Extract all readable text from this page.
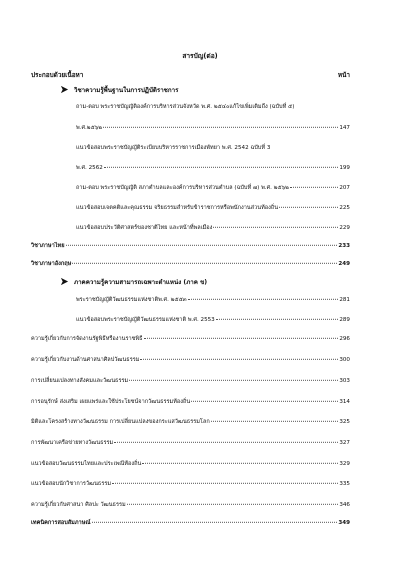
สารบัญ(ต่อ)
ประกอบด้วยเนื้อหา	หน้า
วิชาความรู้พื้นฐานในการปฏิบัติราชการ
ถาม-ตอบ พระราชบัญญัติองค์การบริหารส่วนจังหวัด พ.ศ. ๒๕๔๐แก้ไขเพิ่มเติมถึง (ฉบับที่ ๕)
พ.ศ.๒๕๖๒	147
แนวข้อสอบพระราชบัญญัติระเบียบบริหารราชการเมืองพัทยา พ.ศ. 2542 ฉบับที่ 3
พ.ศ. 2562	199
ถาม-ตอบ พระราชบัญญัติ สภาตำบลและองค์การบริหารส่วนตำบล (ฉบับที่ ๗) พ.ศ. ๒๕๖๒	207
แนวข้อสอบเจตคติและคุณธรรม จริยธรรมสำหรับข้าราชการหรือพนักงานส่วนท้องถิ่น	225
แนวข้อสอบประวัติศาสตร์ของชาติไทย และหน้าที่พลเมือง	229
วิชาภาษาไทย	233
วิชาภาษาอังกฤษ	249
ภาคความรู้ความสามารถเฉพาะตำแหน่ง (ภาค ข)
พระราชบัญญัติวัฒนธรรมแห่งชาติพ.ศ. ๒๕๕๓	281
แนวข้อสอบพระราชบัญญัติวัฒนธรรมแห่งชาติ พ.ศ. 2553	289
ความรู้เกี่ยวกับการจัดงานรัฐพิธีหรืองานราชพิธี	296
ความรู้เกี่ยวกับงานด้านศาสนาศิลปวัฒนธรรม	300
การเปลี่ยนแปลงทางสังคมและวัฒนธรรม	303
การอนุรักษ์ ส่งเสริม เผยแพร่และใช้ประโยชน์จากวัฒนธรรมท้องถิ่น	314
มิติและโครงสร้างทางวัฒนธรรม การเปลี่ยนแปลงของกระแสวัฒนธรรมโลก	325
การพัฒนาเครือข่ายทางวัฒนธรรม	327
แนวข้อสอบวัฒนธรรมไทยและประเพณีท้องถิ่น	329
แนวข้อสอบนักวิชาการวัฒนธรรม	335
ความรู้เกี่ยวกับศาสนา ศิลปะ วัฒนธรรม	346
เทคนิคการสอบสัมภาษณ์	349
